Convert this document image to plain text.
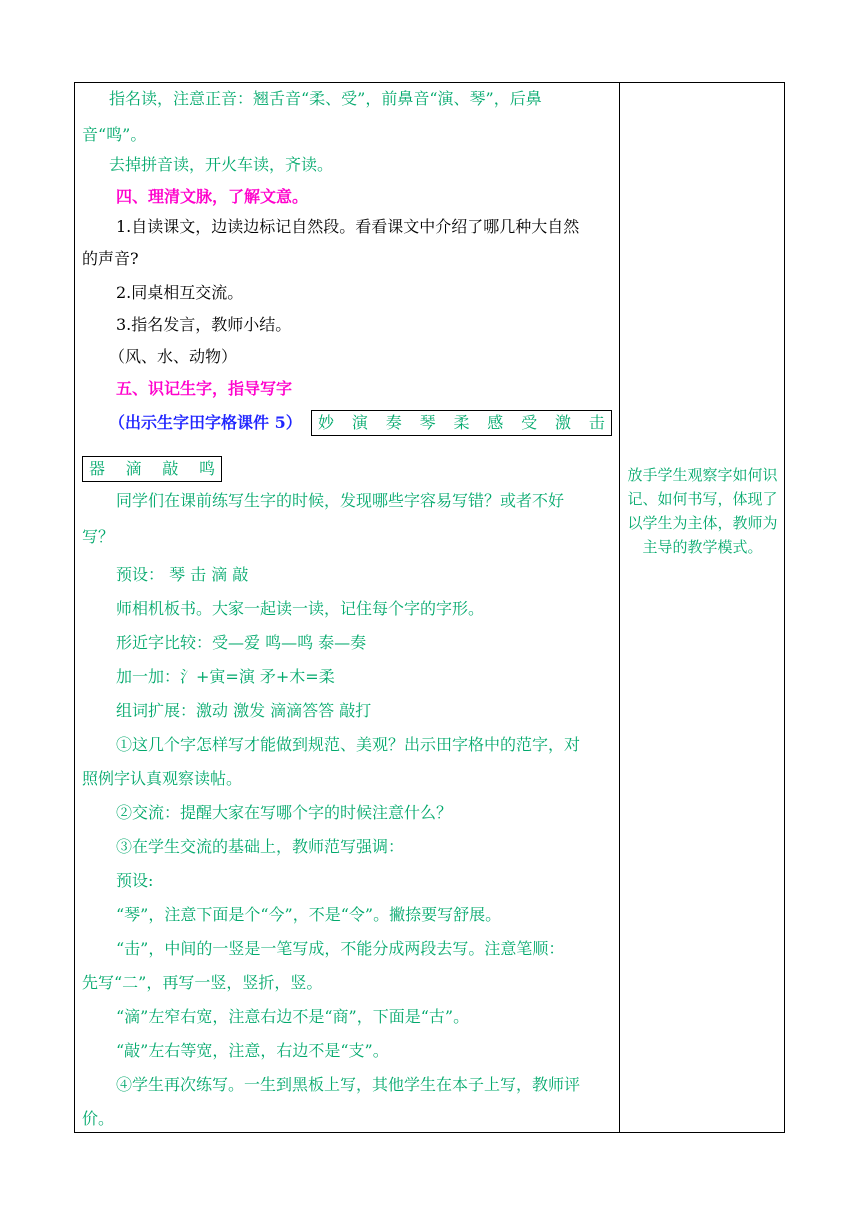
指名读，注意正音：翘舌音“柔、受”，前鼻音“演、琴”，后鼻
音“鸣”。
去掉拼音读，开火车读，齐读。
四、理清文脉，了解文意。
1.自读课文，边读边标记自然段。看看课文中介绍了哪几种大自然
的声音?
2.同桌相互交流。
3.指名发言，教师小结。
（风、水、动物）
五、识记生字，指导写字
（出示生字田字格课件 5） 妙 演 奏 琴 柔 感 受 激 击
器 滴 敲 鸣
同学们在课前练写生字的时候，发现哪些字容易写错？或者不好
写？
预设： 琴 击 滴 敲
师相机板书。大家一起读一读，记住每个字的字形。
形近字比较：受—爱 鸣—鸣 泰—奏
加一加：氵+寅=演 矛+木=柔
组词扩展：激动 激发 滴滴答答 敲打
①这几个字怎样写才能做到规范、美观？出示田字格中的范字，对
照例字认真观察读帖。
②交流：提醒大家在写哪个字的时候注意什么？
③在学生交流的基础上，教师范写强调：
预设:
“琴”，注意下面是个“今”，不是“令”。撇捺要写舒展。
“击”，中间的一竖是一笔写成，不能分成两段去写。注意笔顺：
先写“二”，再写一竖，竖折，竖。
“滴”左窄右宽，注意右边不是“商”，下面是“古”。
“敲”左右等宽，注意，右边不是“支”。
④学生再次练写。一生到黑板上写，其他学生在本子上写，教师评
价。
放手学生观察字如何识记、如何书写，体现了以学生为主体，教师为主导的教学模式。
